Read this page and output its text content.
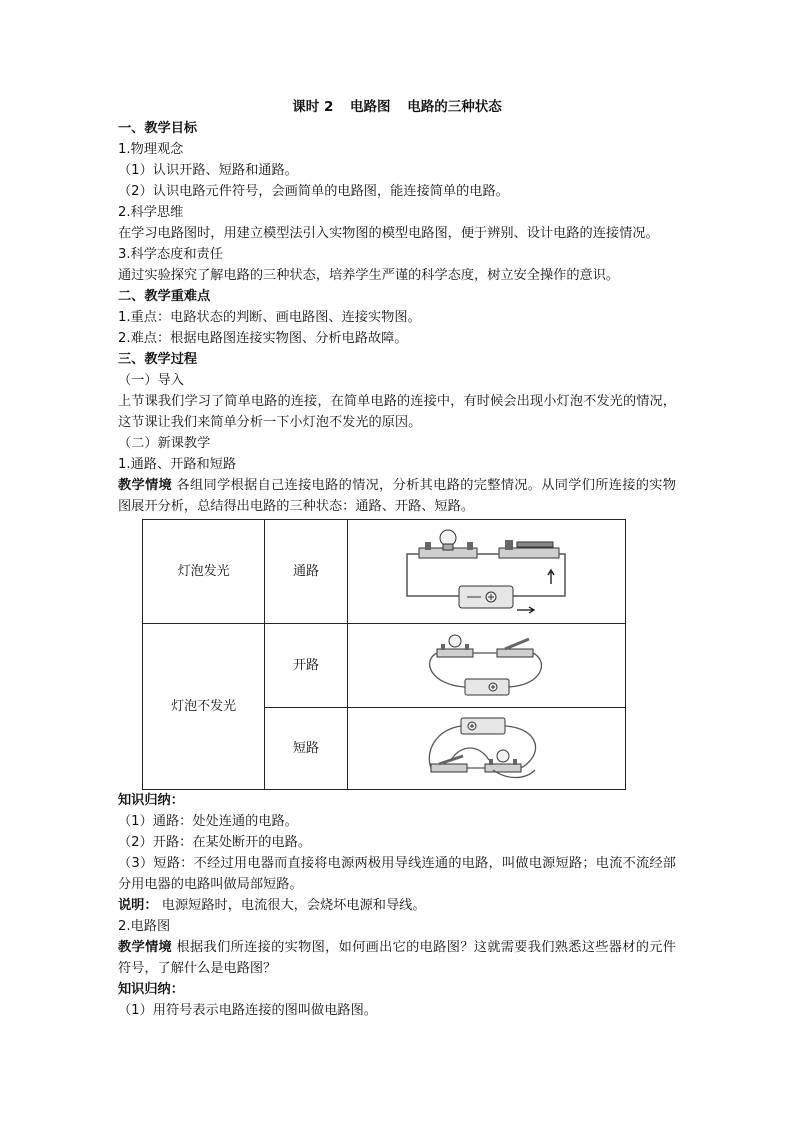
课时 2 电路图 电路的三种状态
一、教学目标
1.物理观念
（1）认识开路、短路和通路。
（2）认识电路元件符号，会画简单的电路图，能连接简单的电路。
2.科学思维
在学习电路图时，用建立模型法引入实物图的模型电路图，便于辨别、设计电路的连接情况。
3.科学态度和责任
通过实验探究了解电路的三种状态，培养学生严谨的科学态度，树立安全操作的意识。
二、教学重难点
1.重点：电路状态的判断、画电路图、连接实物图。
2.难点：根据电路图连接实物图、分析电路故障。
三、教学过程
（一）导入
上节课我们学习了简单电路的连接，在简单电路的连接中，有时候会出现小灯泡不发光的情况，这节课让我们来简单分析一下小灯泡不发光的原因。
（二）新课教学
1.通路、开路和短路
教学情境 各组同学根据自己连接电路的情况，分析其电路的完整情况。从同学们所连接的实物图展开分析，总结得出电路的三种状态：通路、开路、短路。
灯泡发光	通路	

灯泡不发光	开路	

	短路	
知识归纳：
（1）通路：处处连通的电路。
（2）开路：在某处断开的电路。
（3）短路：不经过用电器而直接将电源两极用导线连通的电路，叫做电源短路；电流不流经部分用电器的电路叫做局部短路。
说明： 电源短路时，电流很大，会烧坏电源和导线。
2.电路图
教学情境 根据我们所连接的实物图，如何画出它的电路图？这就需要我们熟悉这些器材的元件符号，了解什么是电路图？
知识归纳：
（1）用符号表示电路连接的图叫做电路图。
